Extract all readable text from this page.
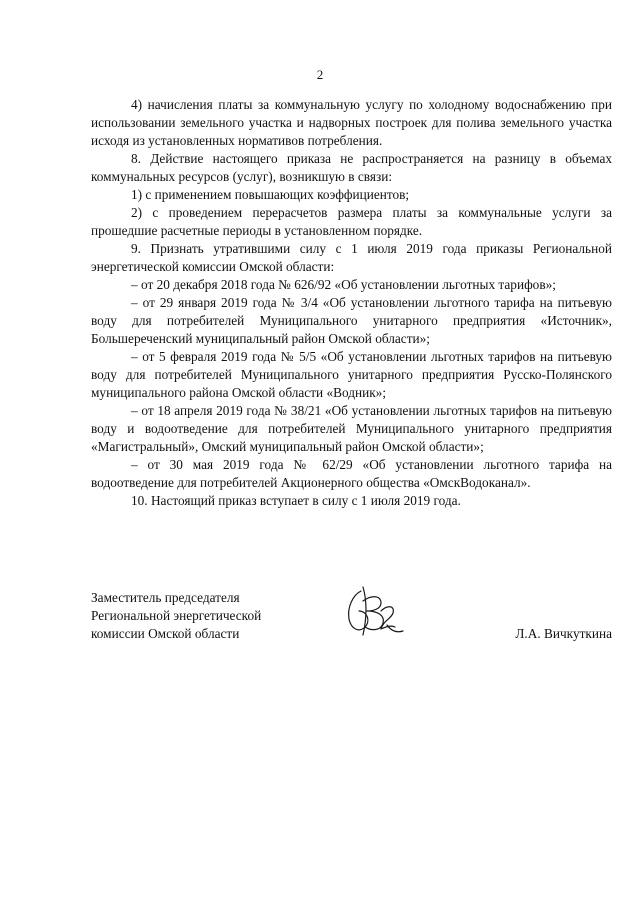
2

4) начисления платы за коммунальную услугу по холодному водоснабжению при использовании земельного участка и надворных построек для полива земельного участка исходя из установленных нормативов потребления.

8. Действие настоящего приказа не распространяется на разницу в объемах коммунальных ресурсов (услуг), возникшую в связи:

1) с применением повышающих коэффициентов;

2) с проведением перерасчетов размера платы за коммунальные услуги за прошедшие расчетные периоды в установленном порядке.

9. Признать утратившими силу с 1 июля 2019 года приказы Региональной энергетической комиссии Омской области:

– от 20 декабря 2018 года № 626/92 «Об установлении льготных тарифов»;

– от 29 января 2019 года № 3/4 «Об установлении льготного тарифа на питьевую воду для потребителей Муниципального унитарного предприятия «Источник», Большереченский муниципальный район Омской области»;

– от 5 февраля 2019 года № 5/5 «Об установлении льготных тарифов на питьевую воду для потребителей Муниципального унитарного предприятия Русско-Полянского муниципального района Омской области «Водник»;

– от 18 апреля 2019 года № 38/21 «Об установлении льготных тарифов на питьевую воду и водоотведение для потребителей Муниципального унитарного предприятия «Магистральный», Омский муниципальный район Омской области»;

– от 30 мая 2019 года № 62/29 «Об установлении льготного тарифа на водоотведение для потребителей Акционерного общества «ОмскВодоканал».

10. Настоящий приказ вступает в силу с 1 июля 2019 года.

Заместитель председателя
Региональной энергетической
комиссии Омской области	Л.А. Вичкуткина
